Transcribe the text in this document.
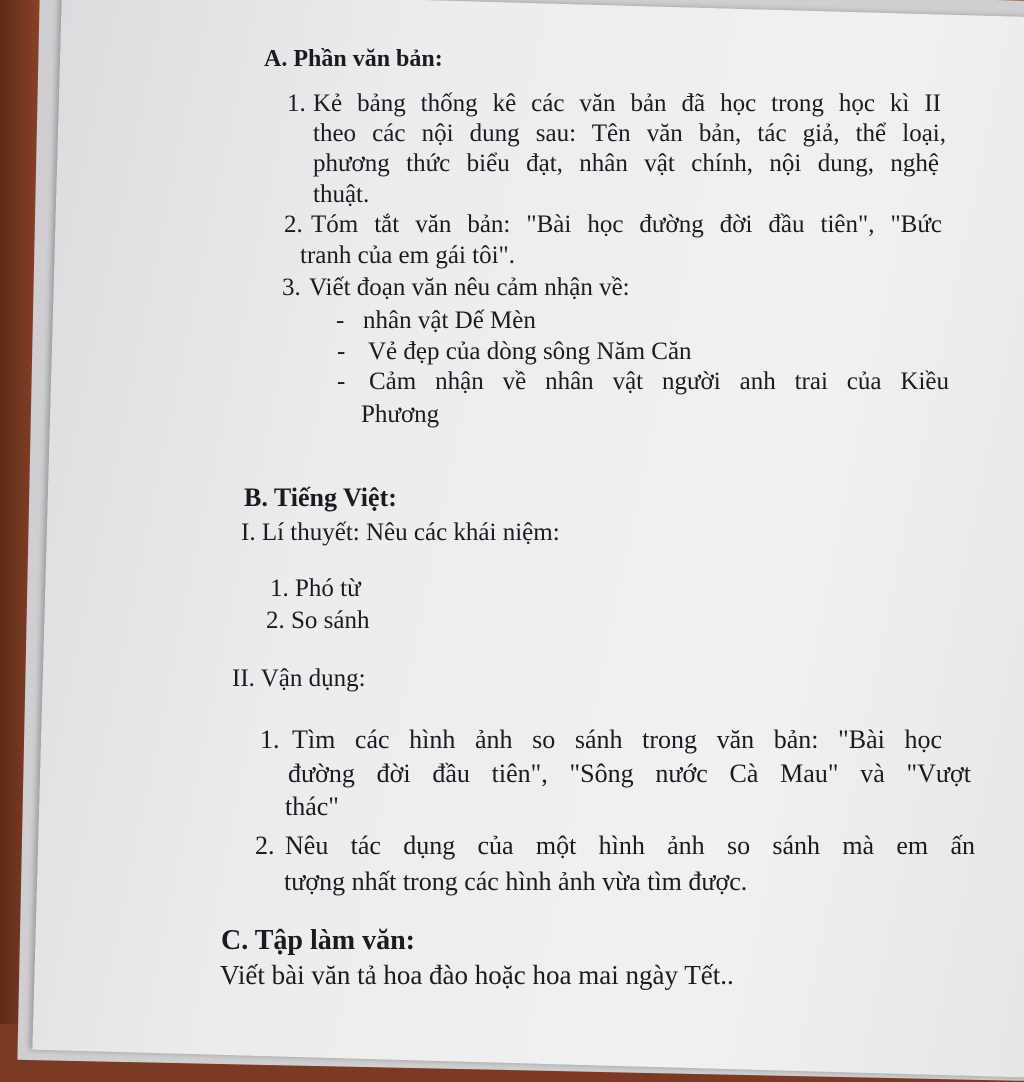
A. Phần văn bản:
1. Kẻ bảng thống kê các văn bản đã học trong học kì II
theo các nội dung sau: Tên văn bản, tác giả, thể loại,
phương thức biểu đạt, nhân vật chính, nội dung, nghệ
thuật.
2. Tóm tắt văn bản: "Bài học đường đời đầu tiên", "Bức
tranh của em gái tôi".
3. Viết đoạn văn nêu cảm nhận về:
- nhân vật Dế Mèn
- Vẻ đẹp của dòng sông Năm Căn
- Cảm nhận về nhân vật người anh trai của Kiều
Phương
B. Tiếng Việt:
I. Lí thuyết: Nêu các khái niệm:
1. Phó từ
2. So sánh
II. Vận dụng:
1. Tìm các hình ảnh so sánh trong văn bản: "Bài học
đường đời đầu tiên", "Sông nước Cà Mau" và "Vượt
thác"
2. Nêu tác dụng của một hình ảnh so sánh mà em ấn
tượng nhất trong các hình ảnh vừa tìm được.
C. Tập làm văn:
Viết bài văn tả hoa đào hoặc hoa mai ngày Tết..
